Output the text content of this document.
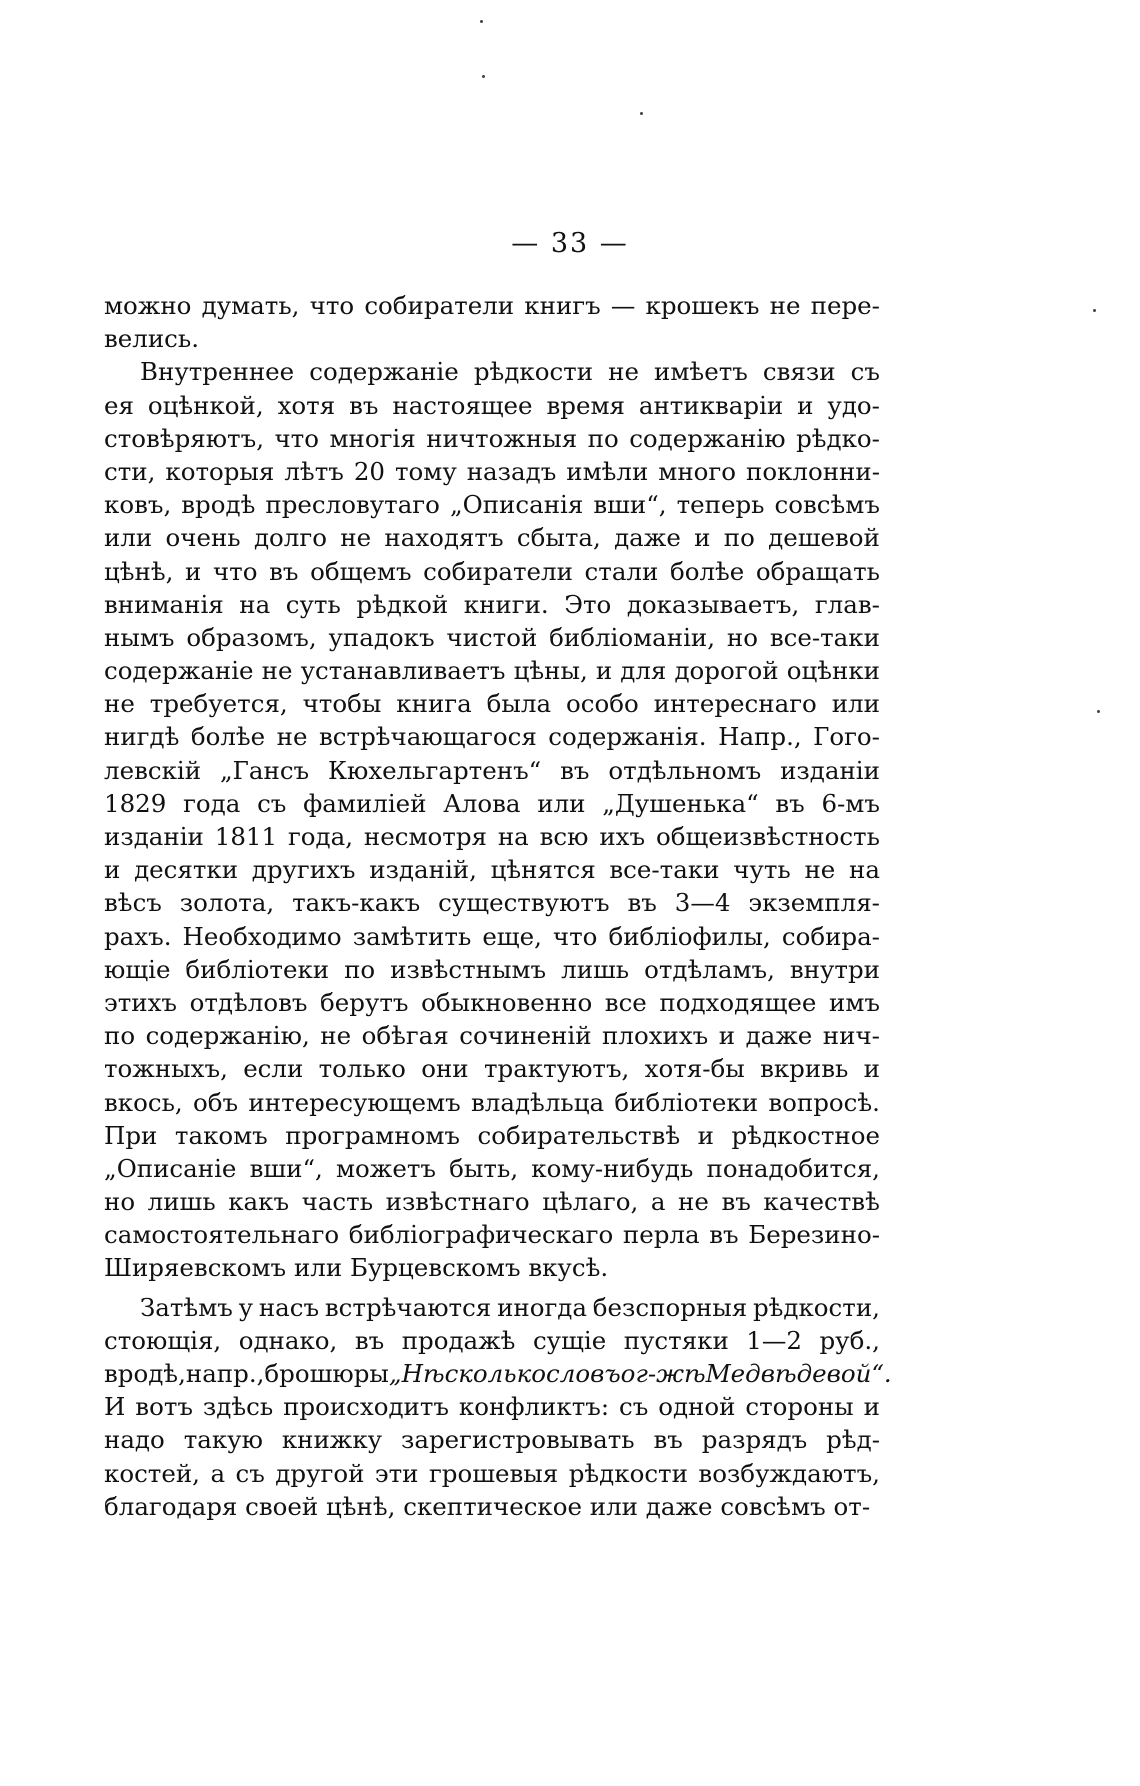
— 33 —
можно думать, что собиратели книгъ — крошекъ не пере-
велись.
Внутреннее содержаніе рѣдкости не имѣетъ связи съ
ея оцѣнкой, хотя въ настоящее время антикваріи и удо-
стовѣряютъ, что многія ничтожныя по содержанію рѣдко-
сти, которыя лѣтъ 20 тому назадъ имѣли много поклонни-
ковъ, вродѣ пресловутаго „Описанія вши“, теперь совсѣмъ
или очень долго не находятъ сбыта, даже и по дешевой
цѣнѣ, и что въ общемъ собиратели стали болѣе обращать
вниманія на суть рѣдкой книги. Это доказываетъ, глав-
нымъ образомъ, упадокъ чистой библіоманіи, но все-таки
содержаніе не устанавливаетъ цѣны, и для дорогой оцѣнки
не требуется, чтобы книга была особо интереснаго или
нигдѣ болѣе не встрѣчающагося содержанія. Напр., Гого-
левскій „Гансъ Кюхельгартенъ“ въ отдѣльномъ изданіи
1829 года съ фамиліей Алова или „Душенька“ въ 6-мъ
изданіи 1811 года, несмотря на всю ихъ общеизвѣстность
и десятки другихъ изданій, цѣнятся все-таки чуть не на
вѣсъ золота, такъ-какъ существуютъ въ 3—4 экземпля-
рахъ. Необходимо замѣтить еще, что библіофилы, собира-
ющіе библіотеки по извѣстнымъ лишь отдѣламъ, внутри
этихъ отдѣловъ берутъ обыкновенно все подходящее имъ
по содержанію, не обѣгая сочиненій плохихъ и даже нич-
тожныхъ, если только они трактуютъ, хотя-бы вкривь и
вкось, объ интересующемъ владѣльца библіотеки вопросѣ.
При такомъ програмномъ собирательствѣ и рѣдкостное
„Описаніе вши“, можетъ быть, кому-нибудь понадобится,
но лишь какъ часть извѣстнаго цѣлаго, а не въ качествѣ
самостоятельнаго библіографическаго перла въ Березино-
Ширяевскомъ или Бурцевскомъ вкусѣ.
Затѣмъ у насъ встрѣчаются иногда безспорныя рѣдкости,
стоющія, однако, въ продажѣ сущіе пустяки 1—2 руб.,
вродѣ, напр., брошюры „Нѣсколько словъ о г-жѣ Медвѣдевой“.
И вотъ здѣсь происходитъ конфликтъ: съ одной стороны и
надо такую книжку зарегистровывать въ разрядъ рѣд-
костей, а съ другой эти грошевыя рѣдкости возбуждаютъ,
благодаря своей цѣнѣ, скептическое или даже совсѣмъ от-
